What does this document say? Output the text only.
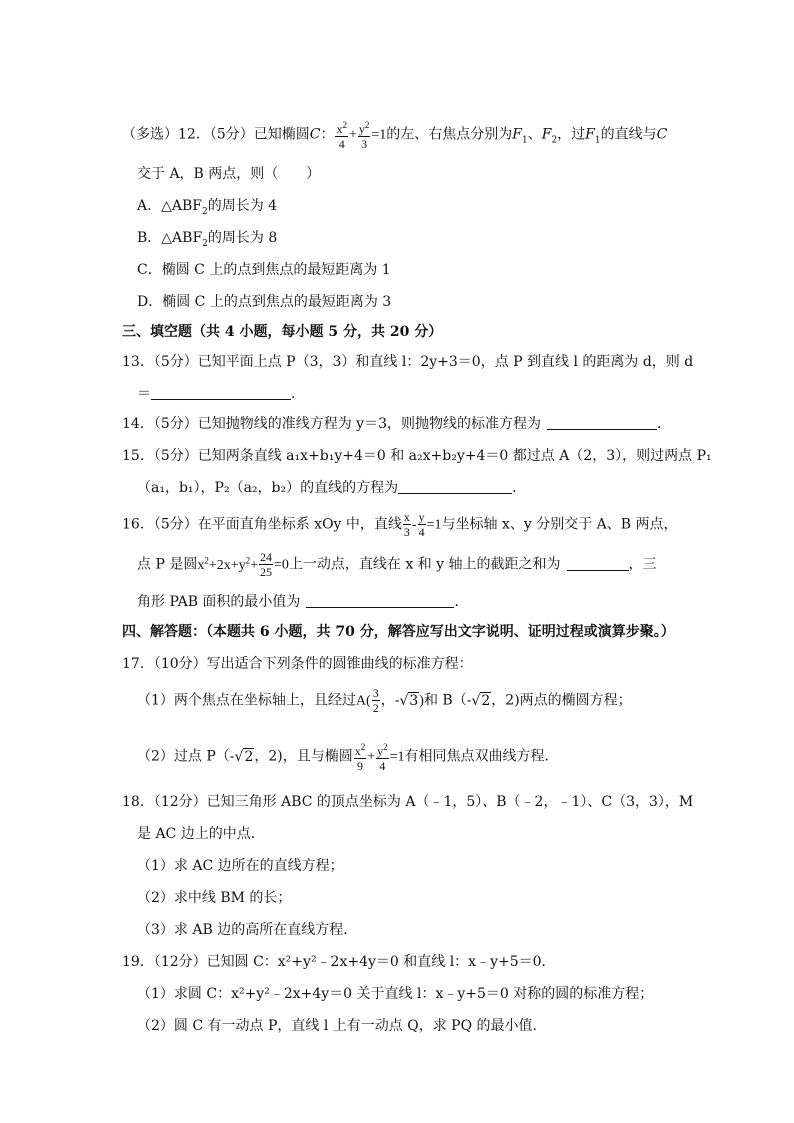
（多选）12．（5分）已知椭圆C： $\frac{x^2}{4} + \frac{y^2}{3} =1$的左、右焦点分别为$F_1$、$F_2$，过$F_1$的直线与C
交于 A，B 两点，则（　　）
A．$\triangle ABF_2$的周长为 4
B．$\triangle ABF_2$的周长为 8
C．椭圆 C 上的点到焦点的最短距离为 1
D．椭圆 C 上的点到焦点的最短距离为 3
三、填空题（共 4 小题，每小题 5 分，共 20 分）
13．（5分）已知平面上点 P（3，3）和直线 l：2y+3＝0，点 P 到直线 l 的距离为 d，则 d
＝	．
14．（5分）已知抛物线的准线方程为 y＝3，则抛物线的标准方程为	．
15．（5分）已知两条直线 a₁x+b₁y+4＝0 和 a₂x+b₂y+4＝0 都过点 A（2，3），则过两点 P₁
（a₁，b₁），P₂（a₂，b₂）的直线的方程为	．
16．（5分）在平面直角坐标系 xOy 中，直线 $\frac{x}{3} - \frac{y}{4} =1$与坐标轴 x、y 分别交于 A、B 两点，
点 P 是圆$x^2+2x+y^2+ \frac{24}{25} =0$上一动点，直线在 x 和 y 轴上的截距之和为	，三
角形 PAB 面积的最小值为	．
四、解答题：（本题共 6 小题，共 70 分，解答应写出文字说明、证明过程或演算步聚。）
17．（10分）写出适合下列条件的圆锥曲线的标准方程：
（1）两个焦点在坐标轴上，且经过$A( \frac{3}{2}$ ，-√3)和 B（-√2，2)两点的椭圆方程；
（2）过点 P（-√2，2)，且与椭圆 $\frac{x^2}{9} + \frac{y^2}{4} =1$有相同焦点双曲线方程．
18．（12分）已知三角形 ABC 的顶点坐标为 A（﹣1，5）、B（﹣2，﹣1）、C（3，3），M
是 AC 边上的中点．
（1）求 AC 边所在的直线方程；
（2）求中线 BM 的长；
（3）求 AB 边的高所在直线方程．
19．（12分）已知圆 C：x²+y²﹣2x+4y＝0 和直线 l：x﹣y+5＝0．
（1）求圆 C：x²+y²﹣2x+4y＝0 关于直线 l：x﹣y+5＝0 对称的圆的标准方程；
（2）圆 C 有一动点 P，直线 l 上有一动点 Q，求 PQ 的最小值．
